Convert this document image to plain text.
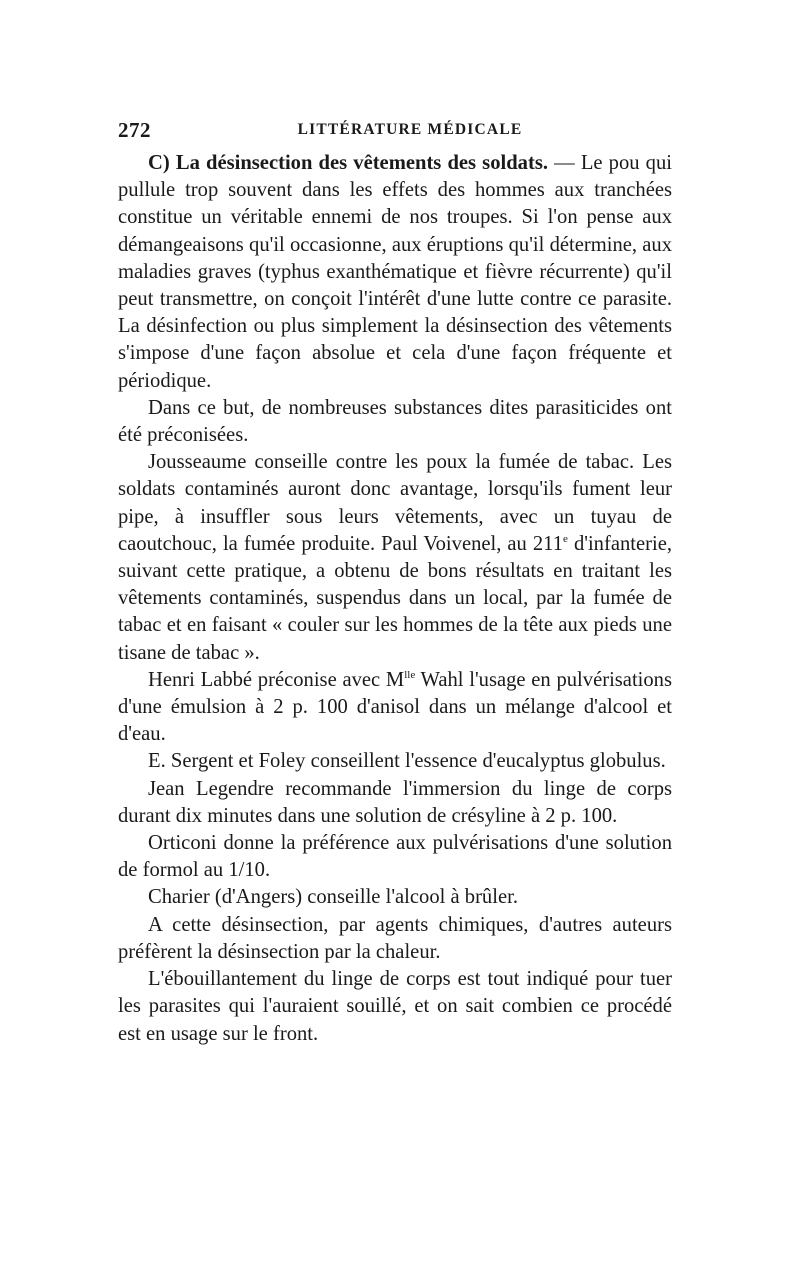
272	LITTÉRATURE MÉDICALE

C) La désinsection des vêtements des soldats. — Le pou qui pullule trop souvent dans les effets des hommes aux tranchées constitue un véritable ennemi de nos troupes. Si l'on pense aux démangeaisons qu'il occasionne, aux éruptions qu'il détermine, aux maladies graves (typhus exanthématique et fièvre récurrente) qu'il peut transmettre, on conçoit l'intérêt d'une lutte contre ce parasite. La désinfection ou plus simplement la désinsection des vêtements s'impose d'une façon absolue et cela d'une façon fréquente et périodique.

Dans ce but, de nombreuses substances dites parasiticides ont été préconisées.

Jousseaume conseille contre les poux la fumée de tabac. Les soldats contaminés auront donc avantage, lorsqu'ils fument leur pipe, à insuffler sous leurs vêtements, avec un tuyau de caoutchouc, la fumée produite. Paul Voivenel, au 211e d'infanterie, suivant cette pratique, a obtenu de bons résultats en traitant les vêtements contaminés, suspendus dans un local, par la fumée de tabac et en faisant « couler sur les hommes de la tête aux pieds une tisane de tabac ».

Henri Labbé préconise avec $M^{lle}$ Wahl l'usage en pulvérisations d'une émulsion à 2 p. 100 d'anisol dans un mélange d'alcool et d'eau.

E. Sergent et Foley conseillent l'essence d'eucalyptus globulus.

Jean Legendre recommande l'immersion du linge de corps durant dix minutes dans une solution de crésyline à 2 p. 100.

Orticoni donne la préférence aux pulvérisations d'une solution de formol au 1/10.

Charier (d'Angers) conseille l'alcool à brûler.

A cette désinsection, par agents chimiques, d'autres auteurs préfèrent la désinsection par la chaleur.

L'ébouillantement du linge de corps est tout indiqué pour tuer les parasites qui l'auraient souillé, et on sait combien ce procédé est en usage sur le front.
